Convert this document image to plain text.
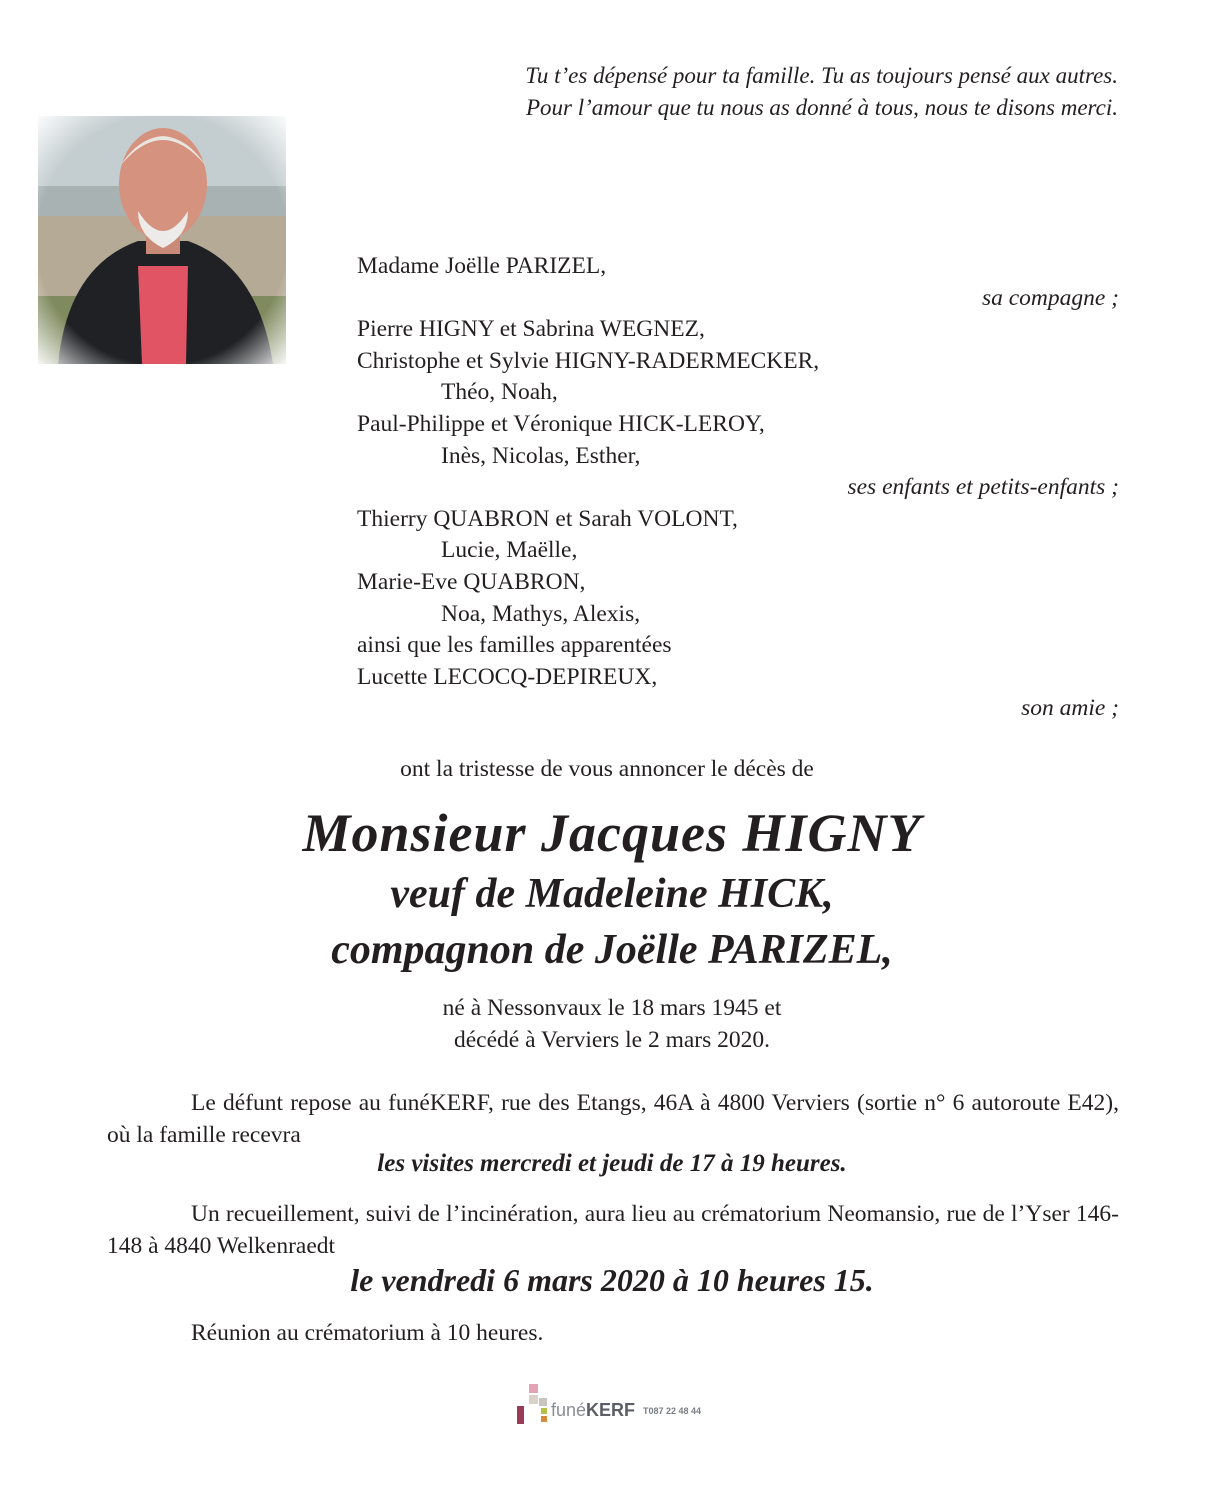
Tu t’es dépensé pour ta famille. Tu as toujours pensé aux autres.
Pour l’amour que tu nous as donné à tous, nous te disons merci.
Madame Joëlle PARIZEL,
sa compagne ;
Pierre HIGNY et Sabrina WEGNEZ,
Christophe et Sylvie HIGNY-RADERMECKER,
Théo, Noah,
Paul-Philippe et Véronique HICK-LEROY,
Inès, Nicolas, Esther,
ses enfants et petits-enfants ;
Thierry QUABRON et Sarah VOLONT,
Lucie, Maëlle,
Marie-Eve QUABRON,
Noa, Mathys, Alexis,
ainsi que les familles apparentées
Lucette LECOCQ-DEPIREUX,
son amie ;
ont la tristesse de vous annoncer le décès de
Monsieur Jacques HIGNY
veuf de Madeleine HICK,
compagnon de Joëlle PARIZEL,
né à Nessonvaux le 18 mars 1945 et
décédé à Verviers le 2 mars 2020.
Le défunt repose au funéKERF, rue des Etangs, 46A à 4800 Verviers (sortie n° 6 autoroute E42), où la famille recevra
les visites mercredi et jeudi de 17 à 19 heures.
Un recueillement, suivi de l’incinération, aura lieu au crématorium Neomansio, rue de l’Yser 146-148 à 4840 Welkenraedt
le vendredi 6 mars 2020 à 10 heures 15.
Réunion au crématorium à 10 heures.
funéKERF T087 22 48 44
